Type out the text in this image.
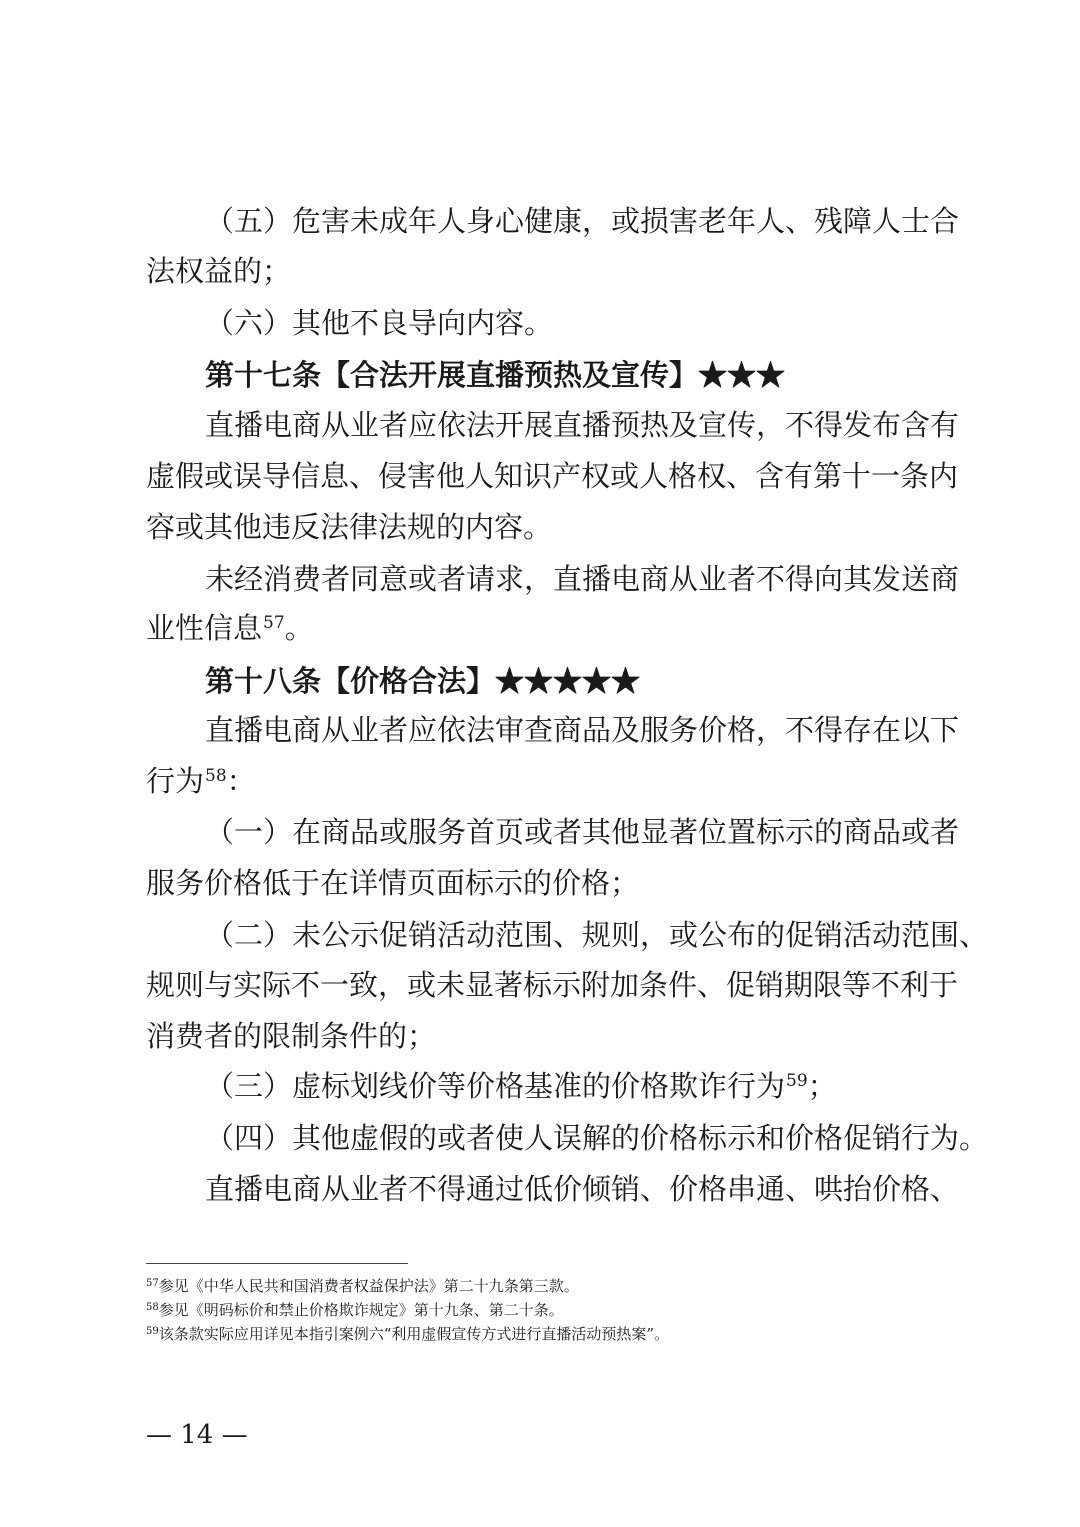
（五）危害未成年人身心健康，或损害老年人、残障人士合
法权益的；
（六）其他不良导向内容。
第十七条【合法开展直播预热及宣传】★★★
直播电商从业者应依法开展直播预热及宣传，不得发布含有
虚假或误导信息、侵害他人知识产权或人格权、含有第十一条内
容或其他违反法律法规的内容。
未经消费者同意或者请求，直播电商从业者不得向其发送商
业性信息$^{57}$。
第十八条【价格合法】★★★★★
直播电商从业者应依法审查商品及服务价格，不得存在以下
行为$^{58}$：
（一）在商品或服务首页或者其他显著位置标示的商品或者
服务价格低于在详情页面标示的价格；
（二）未公示促销活动范围、规则，或公布的促销活动范围、
规则与实际不一致，或未显著标示附加条件、促销期限等不利于
消费者的限制条件的；
（三）虚标划线价等价格基准的价格欺诈行为$^{59}$；
（四）其他虚假的或者使人误解的价格标示和价格促销行为。
直播电商从业者不得通过低价倾销、价格串通、哄抬价格、
$^{57}$参见《中华人民共和国消费者权益保护法》第二十九条第三款。
$^{58}$参见《明码标价和禁止价格欺诈规定》第十九条、第二十条。
$^{59}$该条款实际应用详见本指引案例六“利用虚假宣传方式进行直播活动预热案”。
— 14 —
